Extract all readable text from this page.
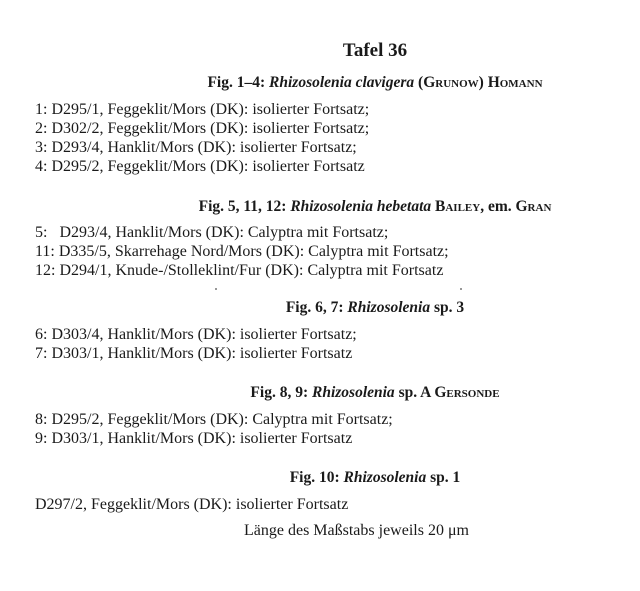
Tafel 36
Fig. 1–4: Rhizosolenia clavigera (Grunow) Homann
1: D295/1, Feggeklit/Mors (DK): isolierter Fortsatz;
2: D302/2, Feggeklit/Mors (DK): isolierter Fortsatz;
3: D293/4, Hanklit/Mors (DK): isolierter Fortsatz;
4: D295/2, Feggeklit/Mors (DK): isolierter Fortsatz
Fig. 5, 11, 12: Rhizosolenia hebetata Bailey, em. Gran
5: D293/4, Hanklit/Mors (DK): Calyptra mit Fortsatz;
11: D335/5, Skarrehage Nord/Mors (DK): Calyptra mit Fortsatz;
12: D294/1, Knude-/Stolleklint/Fur (DK): Calyptra mit Fortsatz
Fig. 6, 7: Rhizosolenia sp. 3
6: D303/4, Hanklit/Mors (DK): isolierter Fortsatz;
7: D303/1, Hanklit/Mors (DK): isolierter Fortsatz
Fig. 8, 9: Rhizosolenia sp. A Gersonde
8: D295/2, Feggeklit/Mors (DK): Calyptra mit Fortsatz;
9: D303/1, Hanklit/Mors (DK): isolierter Fortsatz
Fig. 10: Rhizosolenia sp. 1
D297/2, Feggeklit/Mors (DK): isolierter Fortsatz
Länge des Maßstabs jeweils 20 μm
